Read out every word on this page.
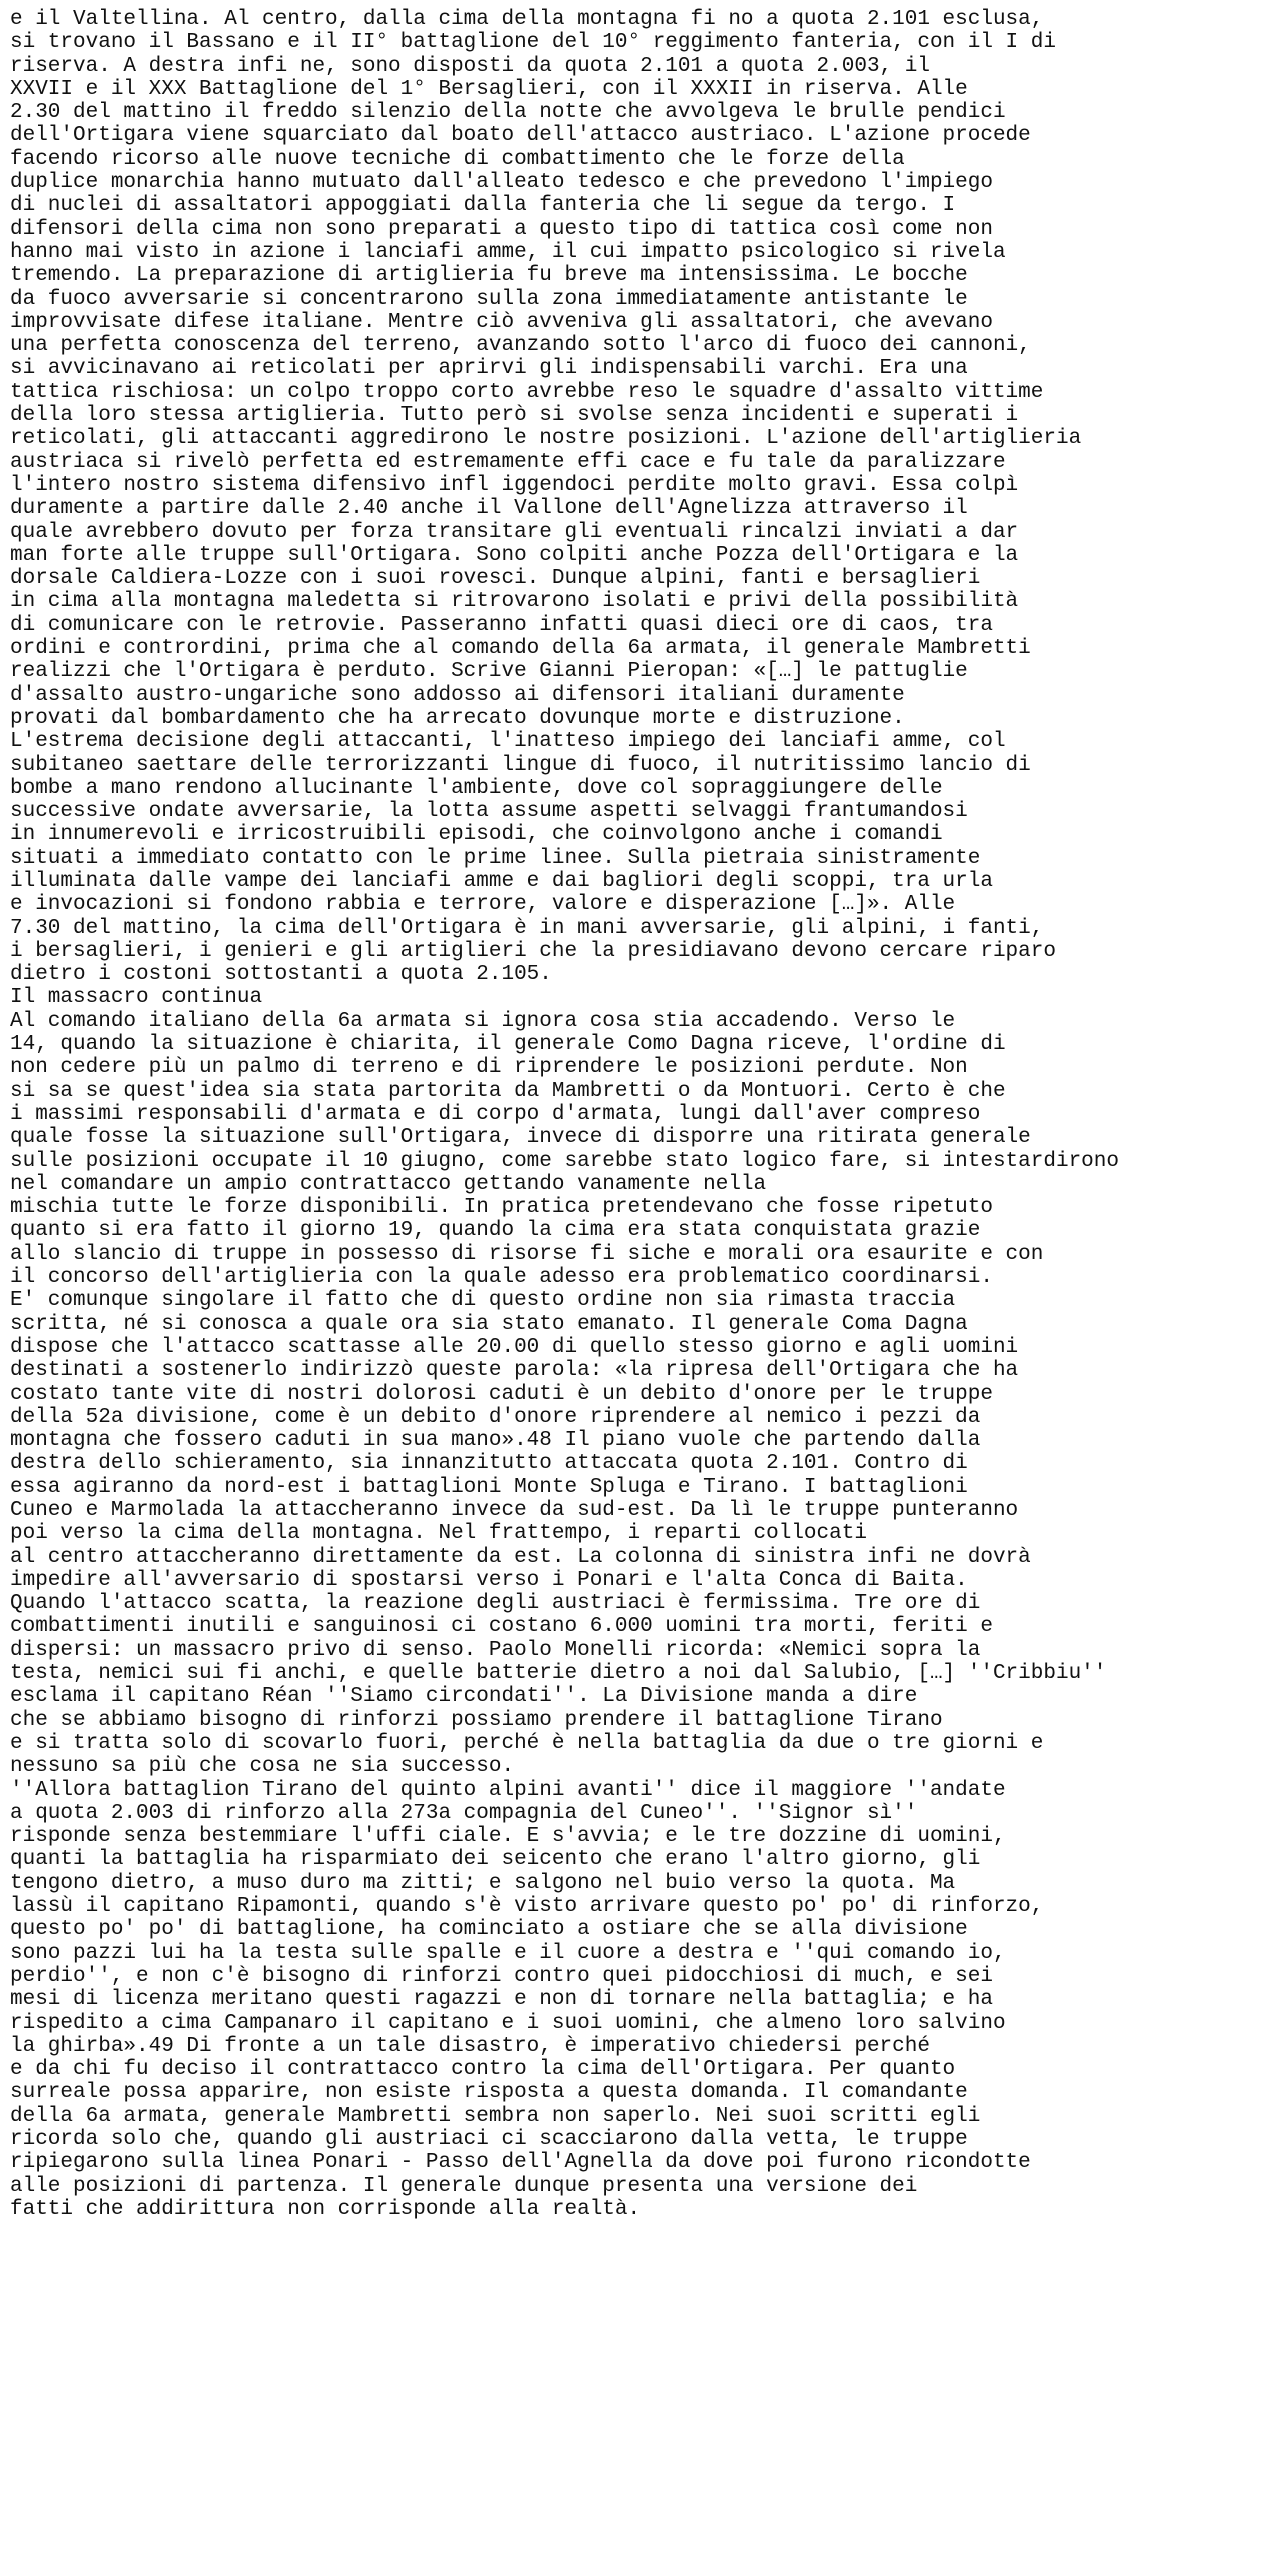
e il Valtellina. Al centro, dalla cima della montagna fi no a quota 2.101 esclusa,
si trovano il Bassano e il II° battaglione del 10° reggimento fanteria, con il I di
riserva. A destra infi ne, sono disposti da quota 2.101 a quota 2.003, il
XXVII e il XXX Battaglione del 1° Bersaglieri, con il XXXII in riserva. Alle
2.30 del mattino il freddo silenzio della notte che avvolgeva le brulle pendici
dell'Ortigara viene squarciato dal boato dell'attacco austriaco. L'azione procede
facendo ricorso alle nuove tecniche di combattimento che le forze della
duplice monarchia hanno mutuato dall'alleato tedesco e che prevedono l'impiego
di nuclei di assaltatori appoggiati dalla fanteria che li segue da tergo. I
difensori della cima non sono preparati a questo tipo di tattica così come non
hanno mai visto in azione i lanciafi amme, il cui impatto psicologico si rivela
tremendo. La preparazione di artiglieria fu breve ma intensissima. Le bocche
da fuoco avversarie si concentrarono sulla zona immediatamente antistante le
improvvisate difese italiane. Mentre ciò avveniva gli assaltatori, che avevano
una perfetta conoscenza del terreno, avanzando sotto l'arco di fuoco dei cannoni,
si avvicinavano ai reticolati per aprirvi gli indispensabili varchi. Era una
tattica rischiosa: un colpo troppo corto avrebbe reso le squadre d'assalto vittime
della loro stessa artiglieria. Tutto però si svolse senza incidenti e superati i
reticolati, gli attaccanti aggredirono le nostre posizioni. L'azione dell'artiglieria
austriaca si rivelò perfetta ed estremamente effi cace e fu tale da paralizzare
l'intero nostro sistema difensivo infl iggendoci perdite molto gravi. Essa colpì
duramente a partire dalle 2.40 anche il Vallone dell'Agnelizza attraverso il
quale avrebbero dovuto per forza transitare gli eventuali rincalzi inviati a dar
man forte alle truppe sull'Ortigara. Sono colpiti anche Pozza dell'Ortigara e la
dorsale Caldiera-Lozze con i suoi rovesci. Dunque alpini, fanti e bersaglieri
in cima alla montagna maledetta si ritrovarono isolati e privi della possibilità
di comunicare con le retrovie. Passeranno infatti quasi dieci ore di caos, tra
ordini e contrordini, prima che al comando della 6a armata, il generale Mambretti
realizzi che l'Ortigara è perduto. Scrive Gianni Pieropan: «[…] le pattuglie
d'assalto austro-ungariche sono addosso ai difensori italiani duramente
provati dal bombardamento che ha arrecato dovunque morte e distruzione.
L'estrema decisione degli attaccanti, l'inatteso impiego dei lanciafi amme, col
subitaneo saettare delle terrorizzanti lingue di fuoco, il nutritissimo lancio di
bombe a mano rendono allucinante l'ambiente, dove col sopraggiungere delle
successive ondate avversarie, la lotta assume aspetti selvaggi frantumandosi
in innumerevoli e irricostruibili episodi, che coinvolgono anche i comandi
situati a immediato contatto con le prime linee. Sulla pietraia sinistramente
illuminata dalle vampe dei lanciafi amme e dai bagliori degli scoppi, tra urla
e invocazioni si fondono rabbia e terrore, valore e disperazione […]». Alle
7.30 del mattino, la cima dell'Ortigara è in mani avversarie, gli alpini, i fanti,
i bersaglieri, i genieri e gli artiglieri che la presidiavano devono cercare riparo
dietro i costoni sottostanti a quota 2.105.
Il massacro continua
Al comando italiano della 6a armata si ignora cosa stia accadendo. Verso le
14, quando la situazione è chiarita, il generale Como Dagna riceve, l'ordine di
non cedere più un palmo di terreno e di riprendere le posizioni perdute. Non
si sa se quest'idea sia stata partorita da Mambretti o da Montuori. Certo è che
i massimi responsabili d'armata e di corpo d'armata, lungi dall'aver compreso
quale fosse la situazione sull'Ortigara, invece di disporre una ritirata generale
sulle posizioni occupate il 10 giugno, come sarebbe stato logico fare, si intestardirono
nel comandare un ampio contrattacco gettando vanamente nella
mischia tutte le forze disponibili. In pratica pretendevano che fosse ripetuto
quanto si era fatto il giorno 19, quando la cima era stata conquistata grazie
allo slancio di truppe in possesso di risorse fi siche e morali ora esaurite e con
il concorso dell'artiglieria con la quale adesso era problematico coordinarsi.
E' comunque singolare il fatto che di questo ordine non sia rimasta traccia
scritta, né si conosca a quale ora sia stato emanato. Il generale Coma Dagna
dispose che l'attacco scattasse alle 20.00 di quello stesso giorno e agli uomini
destinati a sostenerlo indirizzò queste parola: «la ripresa dell'Ortigara che ha
costato tante vite di nostri dolorosi caduti è un debito d'onore per le truppe
della 52a divisione, come è un debito d'onore riprendere al nemico i pezzi da
montagna che fossero caduti in sua mano».48 Il piano vuole che partendo dalla
destra dello schieramento, sia innanzitutto attaccata quota 2.101. Contro di
essa agiranno da nord-est i battaglioni Monte Spluga e Tirano. I battaglioni
Cuneo e Marmolada la attaccheranno invece da sud-est. Da lì le truppe punteranno
poi verso la cima della montagna. Nel frattempo, i reparti collocati
al centro attaccheranno direttamente da est. La colonna di sinistra infi ne dovrà
impedire all'avversario di spostarsi verso i Ponari e l'alta Conca di Baita.
Quando l'attacco scatta, la reazione degli austriaci è fermissima. Tre ore di
combattimenti inutili e sanguinosi ci costano 6.000 uomini tra morti, feriti e
dispersi: un massacro privo di senso. Paolo Monelli ricorda: «Nemici sopra la
testa, nemici sui fi anchi, e quelle batterie dietro a noi dal Salubio, […] ''Cribbiu''
esclama il capitano Réan ''Siamo circondati''. La Divisione manda a dire
che se abbiamo bisogno di rinforzi possiamo prendere il battaglione Tirano
e si tratta solo di scovarlo fuori, perché è nella battaglia da due o tre giorni e
nessuno sa più che cosa ne sia successo.
''Allora battaglion Tirano del quinto alpini avanti'' dice il maggiore ''andate
a quota 2.003 di rinforzo alla 273a compagnia del Cuneo''. ''Signor sì''
risponde senza bestemmiare l'uffi ciale. E s'avvia; e le tre dozzine di uomini,
quanti la battaglia ha risparmiato dei seicento che erano l'altro giorno, gli
tengono dietro, a muso duro ma zitti; e salgono nel buio verso la quota. Ma
lassù il capitano Ripamonti, quando s'è visto arrivare questo po' po' di rinforzo,
questo po' po' di battaglione, ha cominciato a ostiare che se alla divisione
sono pazzi lui ha la testa sulle spalle e il cuore a destra e ''qui comando io,
perdio'', e non c'è bisogno di rinforzi contro quei pidocchiosi di much, e sei
mesi di licenza meritano questi ragazzi e non di tornare nella battaglia; e ha
rispedito a cima Campanaro il capitano e i suoi uomini, che almeno loro salvino
la ghirba».49 Di fronte a un tale disastro, è imperativo chiedersi perché
e da chi fu deciso il contrattacco contro la cima dell'Ortigara. Per quanto
surreale possa apparire, non esiste risposta a questa domanda. Il comandante
della 6a armata, generale Mambretti sembra non saperlo. Nei suoi scritti egli
ricorda solo che, quando gli austriaci ci scacciarono dalla vetta, le truppe
ripiegarono sulla linea Ponari - Passo dell'Agnella da dove poi furono ricondotte
alle posizioni di partenza. Il generale dunque presenta una versione dei
fatti che addirittura non corrisponde alla realtà.
